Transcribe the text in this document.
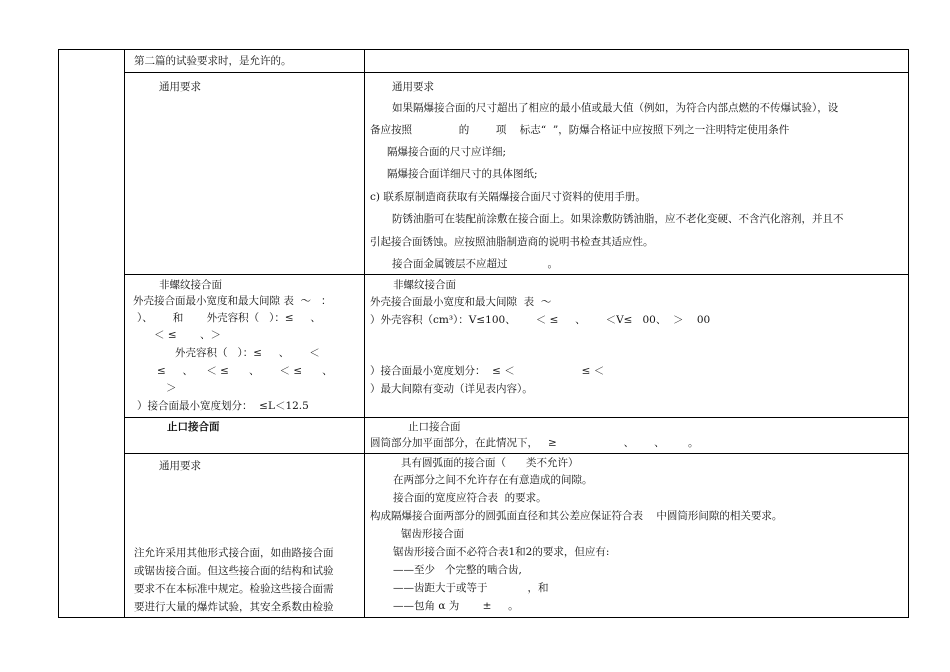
第二篇的试验要求时，是允许的。
通用要求	通用要求
如果隔爆接合面的尺寸超出了相应的最小值或最大值（例如，为符合内部点燃的不传爆试验），设
备应按照              的        项    标志“  ”，防爆合格证中应按照下列之一注明特定使用条件
隔爆接合面的尺寸应详细;
隔爆接合面详细尺寸的具体图纸;
c) 联系原制造商获取有关隔爆接合面尺寸资料的使用手册。
防锈油脂可在装配前涂敷在接合面上。如果涂敷防锈油脂，应不老化变硬、不含汽化溶剂，并且不
引起接合面锈蚀。应按照油脂制造商的说明书检查其适应性。
接合面金属镀层不应超过            。
非螺纹接合面
外壳接合面最小宽度和最大间隙 表  ～   ：
）、      和       外壳容积（   ）：≤     、
＜ ≤       、＞
外壳容积（   ）：≤     、      ＜
≤     、    ＜ ≤      、      ＜ ≤      、
＞
）接合面最小宽度划分：  ≤L＜12.5
非螺纹接合面
外壳接合面最小宽度和最大间隙  表  ～
）外壳容积（cm³）：V≤100、      ＜ ≤     、      ＜V≤   00、  ＞    00
）接合面最小宽度划分：  ≤ ＜                    ≤ ＜
）最大间隙有变动（详见表内容）。
止口接合面	止口接合面
圆筒部分加平面部分，在此情况下，   ≥                    、      、       。
通用要求
注允许采用其他形式接合面，如曲路接合面
或锯齿接合面。但这些接合面的结构和试验
要求不在本标准中规定。检验这些接合面需
要进行大量的爆炸试验，其安全系数由检验
具有圆弧面的接合面（      类不允许）
在两部分之间不允许存在有意造成的间隙。
接合面的宽度应符合表  的要求。
构成隔爆接合面两部分的圆弧面直径和其公差应保证符合表    中圆筒形间隙的相关要求。
锯齿形接合面
锯齿形接合面不必符合表1和2的要求，但应有:
——至少   个完整的啮合齿,
——齿距大于或等于            ，和
——包角 α 为       ±     。
